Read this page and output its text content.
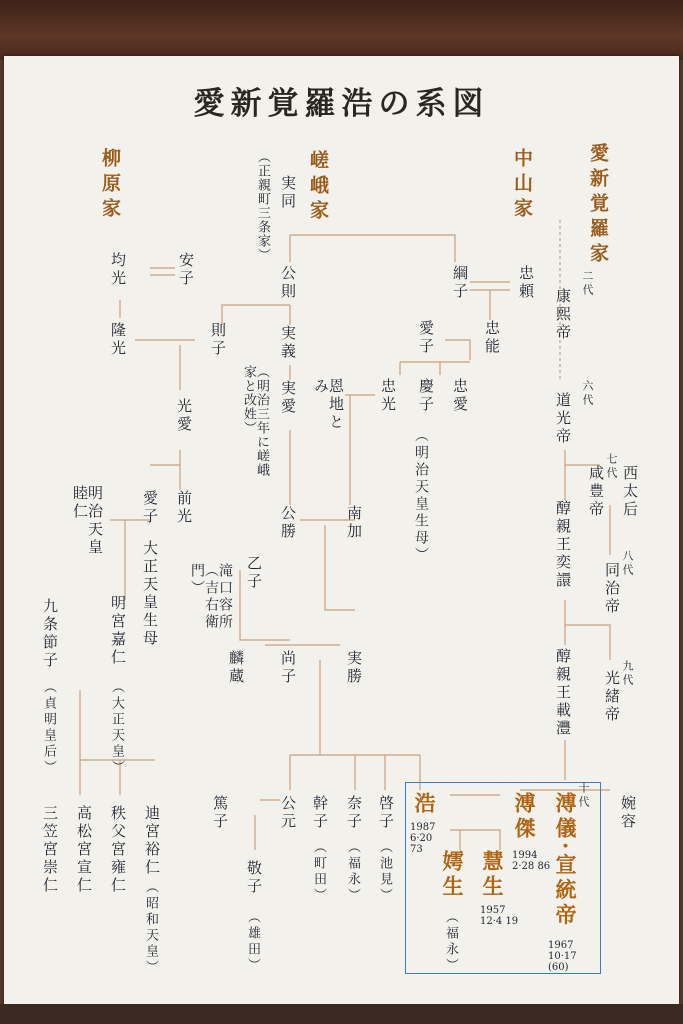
愛新覚羅浩の系図
柳原家	嵯峨家	中山家	愛新覚羅家
（正親町三条家） 実同
公則
実義
実愛
（明治三年に嵯峨家と改姓）
公勝	南加
実勝
尚子
乙子
滝口容所（吉右衛門）
麟蔵
公元
篤子
敬子
（雄田）
幹子
（町田）
奈子
（福永）
啓子
（池見）
均光	安子
隆光	則子
光愛
愛子 前光
明治天皇 睦仁
大正天皇生母
明宮嘉仁
（大正天皇）
九条節子
（貞明皇后）
三笠宮崇仁 高松宮宣仁 秩父宮雍仁 迪宮裕仁
（昭和天皇）
恩地とみ
綱子	忠頼
愛子	忠能
忠光 慶子 忠愛
（明治天皇生母）
二代
康熙帝
六代
道光帝
七代
咸豊帝 西太后
醇親王奕譞	八代
同治帝
九代
光緒帝
醇親王載灃
婉容
浩
1987 6·20 73
溥傑
1994 2·28 86
十代
溥儀·宣統帝
1967 10·17 (60)
慧生
1957 12·4 19
嫮生
（福永）
